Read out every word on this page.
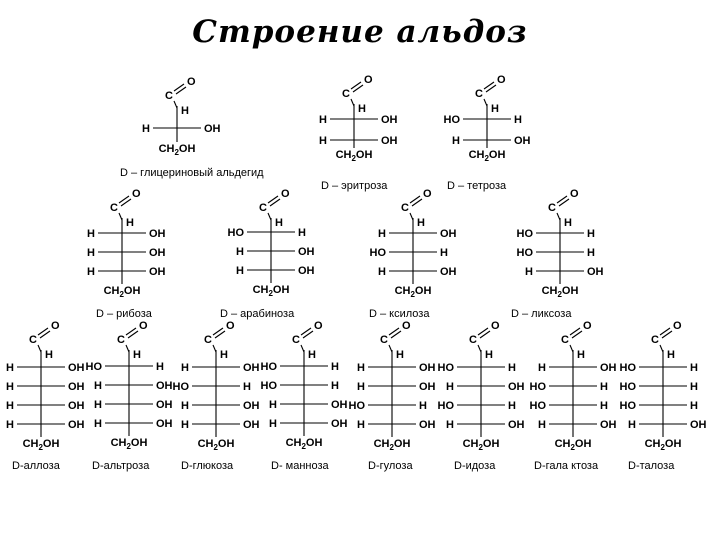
Строение альдоз
C
O
H
H	OH
$CH_2OH$
D – глицериновый альдегид
C
O
H
H	OH
H	OH
$CH_2OH$
D – эритроза
C
O
H
HO	H
H	OH
$CH_2OH$
D – тетроза
C
O
H
H	OH
H	OH
H	OH
$CH_2OH$
D – рибоза
C
O
H
HO	H
H	OH
H	OH
$CH_2OH$
D – арабиноза
C
O
H
H	OH
HO	H
H	OH
$CH_2OH$
D – ксилоза
C
O
H
HO	H
HO	H
H	OH
$CH_2OH$
D – ликсоза
C
O
H
H	OH
H	OH
H	OH
H	OH
$CH_2OH$
D-аллоза
C
O
H
HO	H
H	OH
H	OH
H	OH
$CH_2OH$
D-альтроза
C
O
H
H	OH
HO	H
H	OH
H	OH
$CH_2OH$
D-глюкоза
C
O
H
HO	H
HO	H
H	OH
H	OH
$CH_2OH$
D- манноза
C
O
H
H	OH
H	OH
HO	H
H	OH
$CH_2OH$
D-гулоза
C
O
H
HO	H
H	OH
HO	H
H	OH
$CH_2OH$
D-идоза
C
O
H
H	OH
HO	H
HO	H
H	OH
$CH_2OH$
D-гала ктоза
C
O
H
HO	H
HO	H
HO	H
H	OH
$CH_2OH$
D-талоза
